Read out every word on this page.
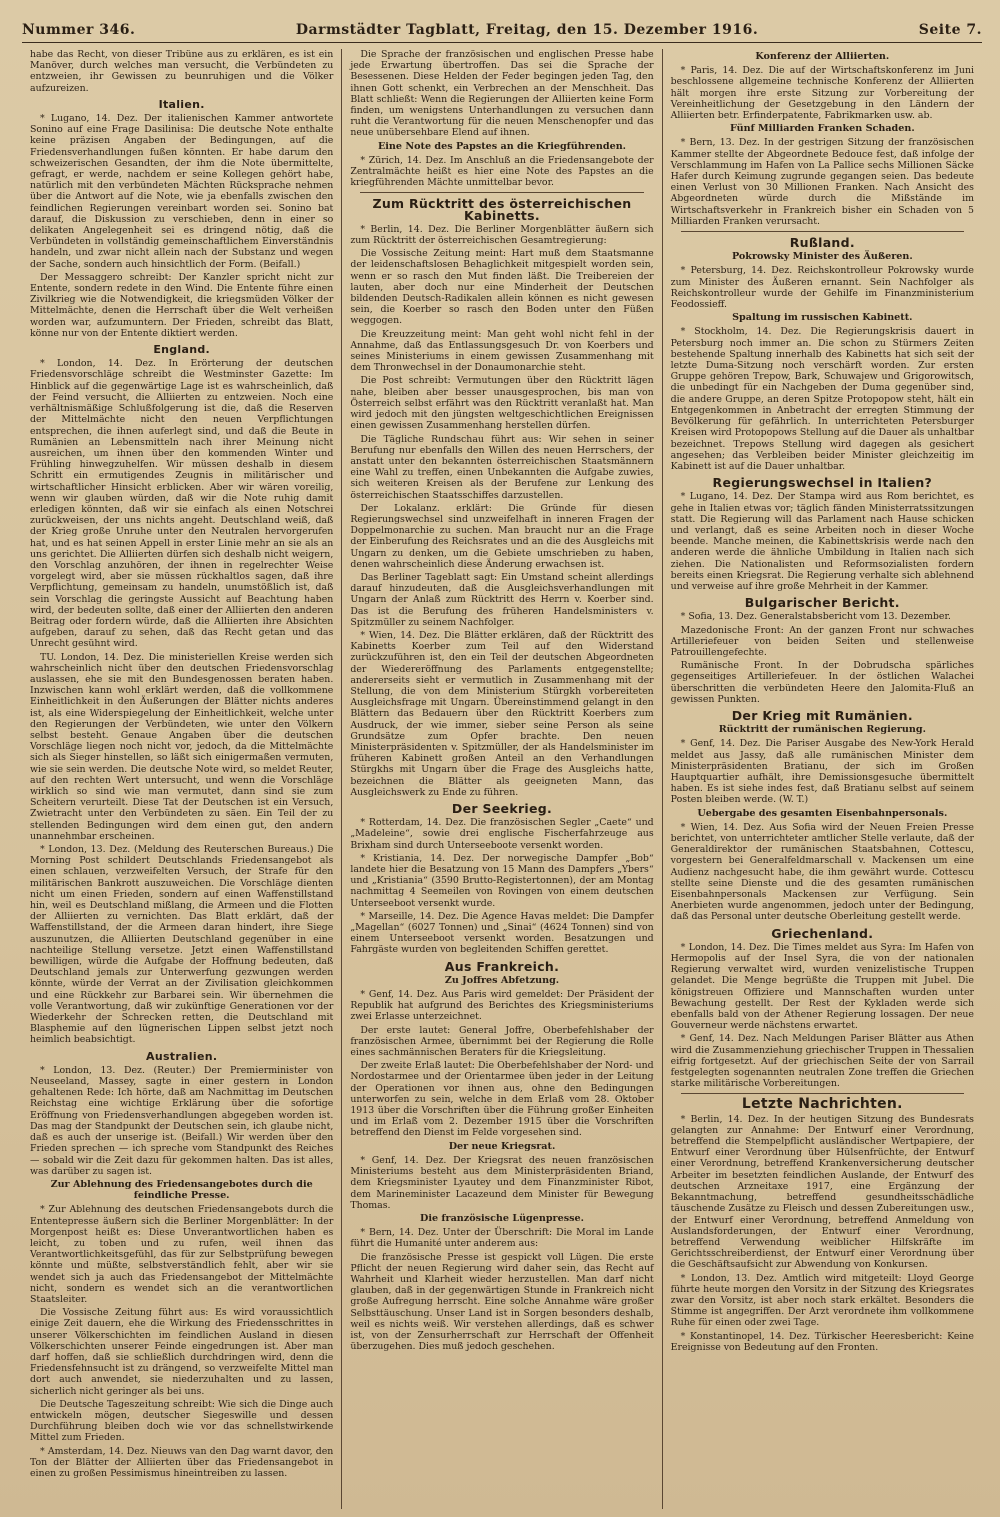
Nummer 346.	Darmstädter Tagblatt, Freitag, den 15. Dezember 1916.	Seite 7.

habe das Recht, von dieser Tribüne aus zu erklären, es ist ein Manöver, durch welches man versucht, die Verbündeten zu entzweien, ihr Gewissen zu beunruhigen und die Völker aufzureizen.

Italien.

* Lugano, 14. Dez. Der italienischen Kammer antwortete Sonino auf eine Frage Dasilinisa: Die deutsche Note enthalte keine präzisen Angaben der Bedingungen, auf die Friedensverhandlungen fußen könnten. Er habe darum den schweizerischen Gesandten, der ihm die Note übermittelte, gefragt, er werde, nachdem er seine Kollegen gehört habe, natürlich mit den verbündeten Mächten Rücksprache nehmen über die Antwort auf die Note, wie ja ebenfalls zwischen den feindlichen Regierungen vereinbart worden sei. Sonino bat darauf, die Diskussion zu verschieben, denn in einer so delikaten Angelegenheit sei es dringend nötig, daß die Verbündeten in vollständig gemeinschaftlichem Einverständnis handeln, und zwar nicht allein nach der Substanz und wegen der Sache, sondern auch hinsichtlich der Form. (Beifall.)

Der Messaggero schreibt: Der Kanzler spricht nicht zur Entente, sondern redete in den Wind. Die Entente führe einen Zivilkrieg wie die Notwendigkeit, die kriegsmüden Völker der Mittelmächte, denen die Herrschaft über die Welt verheißen worden war, aufzumuntern. Der Frieden, schreibt das Blatt, könne nur von der Entente diktiert werden.

England.

* London, 14. Dez. In Erörterung der deutschen Friedensvorschläge schreibt die Westminster Gazette: Im Hinblick auf die gegenwärtige Lage ist es wahrscheinlich, daß der Feind versucht, die Alliierten zu entzweien. Noch eine verhältnismäßige Schlußfolgerung ist die, daß die Reserven der Mittelmächte nicht den neuen Verpflichtungen entsprechen, die ihnen auferlegt sind, und daß die Beute in Rumänien an Lebensmitteln nach ihrer Meinung nicht ausreichen, um ihnen über den kommenden Winter und Frühling hinwegzuhelfen. Wir müssen deshalb in diesem Schritt ein ermutigendes Zeugnis in militärischer und wirtschaftlicher Hinsicht erblicken. Aber wir wären voreilig, wenn wir glauben würden, daß wir die Note ruhig damit erledigen könnten, daß wir sie einfach als einen Notschrei zurückweisen, der uns nichts angeht. Deutschland weiß, daß der Krieg große Unruhe unter den Neutralen hervorgerufen hat, und es hat seinen Appell in erster Linie mehr an sie als an uns gerichtet. Die Alliierten dürfen sich deshalb nicht weigern, den Vorschlag anzuhören, der ihnen in regelrechter Weise vorgelegt wird, aber sie müssen rückhaltlos sagen, daß ihre Verpflichtung, gemeinsam zu handeln, unumstößlich ist, daß sein Vorschlag die geringste Aussicht auf Beachtung haben wird, der bedeuten sollte, daß einer der Alliierten den anderen Beitrag oder fordern würde, daß die Alliierten ihre Absichten aufgeben, darauf zu sehen, daß das Recht getan und das Unrecht gesühnt wird.

TU. London, 14. Dez. Die ministeriellen Kreise werden sich wahrscheinlich nicht über den deutschen Friedensvorschlag auslassen, ehe sie mit den Bundesgenossen beraten haben. Inzwischen kann wohl erklärt werden, daß die vollkommene Einheitlichkeit in den Äußerungen der Blätter nichts anderes ist, als eine Widerspiegelung der Einheitlichkeit, welche unter den Regierungen der Verbündeten, wie unter den Völkern selbst besteht. Genaue Angaben über die deutschen Vorschläge liegen noch nicht vor, jedoch, da die Mittelmächte sich als Sieger hinstellen, so läßt sich einigermaßen vermuten, wie sie sein werden. Die deutsche Note wird, so meldet Reuter, auf den rechten Wert untersucht, und wenn die Vorschläge wirklich so sind wie man vermutet, dann sind sie zum Scheitern verurteilt. Diese Tat der Deutschen ist ein Versuch, Zwietracht unter den Verbündeten zu säen. Ein Teil der zu stellenden Bedingungen wird dem einen gut, den andern unannehmbar erscheinen.

* London, 13. Dez. (Meldung des Reuterschen Bureaus.) Die Morning Post schildert Deutschlands Friedensangebot als einen schlauen, verzweifelten Versuch, der Strafe für den militärischen Bankrott auszuweichen. Die Vorschläge dienten nicht um einen Frieden, sondern auf einen Waffenstillstand hin, weil es Deutschland mißlang, die Armeen und die Flotten der Alliierten zu vernichten. Das Blatt erklärt, daß der Waffenstillstand, der die Armeen daran hindert, ihre Siege auszunutzen, die Alliierten Deutschland gegenüber in eine nachteilige Stellung versetze. Jetzt einen Waffenstillstand bewilligen, würde die Aufgabe der Hoffnung bedeuten, daß Deutschland jemals zur Unterwerfung gezwungen werden könnte, würde der Verrat an der Zivilisation gleichkommen und eine Rückkehr zur Barbarei sein. Wir übernehmen die volle Verantwortung, daß wir zukünftige Generationen vor der Wiederkehr der Schrecken retten, die Deutschland mit Blasphemie auf den lügnerischen Lippen selbst jetzt noch heimlich beabsichtigt.

Australien.

* London, 13. Dez. (Reuter.) Der Premierminister von Neuseeland, Massey, sagte in einer gestern in London gehaltenen Rede: Ich hörte, daß am Nachmittag im Deutschen Reichstag eine wichtige Erklärung über die sofortige Eröffnung von Friedensverhandlungen abgegeben worden ist. Das mag der Standpunkt der Deutschen sein, ich glaube nicht, daß es auch der unserige ist. (Beifall.) Wir werden über den Frieden sprechen — ich spreche vom Standpunkt des Reiches — sobald wir die Zeit dazu für gekommen halten. Das ist alles, was darüber zu sagen ist.

Zur Ablehnung des Friedensangebotes durch die feindliche Presse.

* Zur Ablehnung des deutschen Friedensangebots durch die Ententepresse äußern sich die Berliner Morgenblätter: In der Morgenpost heißt es: Diese Unverantwortlichen haben es leicht, zu toben und zu rufen, weil ihnen das Verantwortlichkeitsgefühl, das für zur Selbstprüfung bewegen könnte und müßte, selbstverständlich fehlt, aber wir sie wendet sich ja auch das Friedensangebot der Mittelmächte nicht, sondern es wendet sich an die verantwortlichen Staatsleiter.

Die Vossische Zeitung führt aus: Es wird voraussichtlich einige Zeit dauern, ehe die Wirkung des Friedensschrittes in unserer Völkerschichten im feindlichen Ausland in diesen Völkerschichten unserer Feinde eingedrungen ist. Aber man darf hoffen, daß sie schließlich durchdringen wird, denn die Friedensfehnsucht ist zu drängend, so verzweifelte Mittel man dort auch anwendet, sie niederzuhalten und zu lassen, sicherlich nicht geringer als bei uns.

Die Deutsche Tageszeitung schreibt: Wie sich die Dinge auch entwickeln mögen, deutscher Siegeswille und dessen Durchführung bleiben doch wie vor das schnellstwirkende Mittel zum Frieden.

* Amsterdam, 14. Dez. Nieuws van den Dag warnt davor, den Ton der Blätter der Alliierten über das Friedensangebot in einen zu großen Pessimismus hineintreiben zu lassen.

Die Sprache der französischen und englischen Presse habe jede Erwartung übertroffen. Das sei die Sprache der Besessenen. Diese Helden der Feder begingen jeden Tag, den ihnen Gott schenkt, ein Verbrechen an der Menschheit. Das Blatt schließt: Wenn die Regierungen der Alliierten keine Form finden, um wenigstens Unterhandlungen zu versuchen dann ruht die Verantwortung für die neuen Menschenopfer und das neue unübersehbare Elend auf ihnen.

Eine Note des Papstes an die Kriegführenden.

* Zürich, 14. Dez. Im Anschluß an die Friedensangebote der Zentralmächte heißt es hier eine Note des Papstes an die kriegführenden Mächte unmittelbar bevor.

Zum Rücktritt des österreichischen Kabinetts.

* Berlin, 14. Dez. Die Berliner Morgenblätter äußern sich zum Rücktritt der österreichischen Gesamtregierung:

Die Vossische Zeitung meint: Hart muß dem Staatsmanne der leidenschaftslosen Behaglichkeit mitgespielt worden sein, wenn er so rasch den Mut finden läßt. Die Treibereien der lauten, aber doch nur eine Minderheit der Deutschen bildenden Deutsch-Radikalen allein können es nicht gewesen sein, die Koerber so rasch den Boden unter den Füßen weggogen.

Die Kreuzzeitung meint: Man geht wohl nicht fehl in der Annahme, daß das Entlassungsgesuch Dr. von Koerbers und seines Ministeriums in einem gewissen Zusammenhang mit dem Thronwechsel in der Donaumonarchie steht.

Die Post schreibt: Vermutungen über den Rücktritt lägen nahe, bleiben aber besser unausgesprochen, bis man von Österreich selbst erfährt was den Rücktritt veranlaßt hat. Man wird jedoch mit den jüngsten weltgeschichtlichen Ereignissen einen gewissen Zusammenhang herstellen dürfen.

Die Tägliche Rundschau führt aus: Wir sehen in seiner Berufung nur ebenfalls den Willen des neuen Herrschers, der anstatt unter den bekannten österreichischen Staatsmännern eine Wahl zu treffen, einen Unbekannten die Aufgabe zuwies, sich weiteren Kreisen als der Berufene zur Lenkung des österreichischen Staatsschiffes darzustellen.

Der Lokalanz. erklärt: Die Gründe für diesen Regierungswechsel sind unzweifelhaft in inneren Fragen der Doppelmonarchie zu suchen. Man braucht nur an die Frage der Einberufung des Reichsrates und an die des Ausgleichs mit Ungarn zu denken, um die Gebiete umschrieben zu haben, denen wahrscheinlich diese Änderung erwachsen ist.

Das Berliner Tageblatt sagt: Ein Umstand scheint allerdings darauf hinzudeuten, daß die Ausgleichsverhandlungen mit Ungarn der Anlaß zum Rücktritt des Herrn v. Koerber sind. Das ist die Berufung des früheren Handelsministers v. Spitzmüller zu seinem Nachfolger.

* Wien, 14. Dez. Die Blätter erklären, daß der Rücktritt des Kabinetts Koerber zum Teil auf den Widerstand zurückzuführen ist, den ein Teil der deutschen Abgeordneten der Wiedereröffnung des Parlaments entgegenstellte; andererseits sieht er vermutlich in Zusammenhang mit der Stellung, die von dem Ministerium Stürgkh vorbereiteten Ausgleichsfrage mit Ungarn. Übereinstimmend gelangt in den Blättern das Bedauern über den Rücktritt Koerbers zum Ausdruck, der wie immer, sieber seine Person als seine Grundsätze zum Opfer brachte. Den neuen Ministerpräsidenten v. Spitzmüller, der als Handelsminister im früheren Kabinett großen Anteil an den Verhandlungen Stürgkhs mit Ungarn über die Frage des Ausgleichs hatte, bezeichnen die Blätter als geeigneten Mann, das Ausgleichswerk zu Ende zu führen.

Der Seekrieg.

* Rotterdam, 14. Dez. Die französischen Segler „Caete“ und „Madeleine“, sowie drei englische Fischerfahrzeuge aus Brixham sind durch Unterseeboote versenkt worden.

* Kristiania, 14. Dez. Der norwegische Dampfer „Bob“ landete hier die Besatzung von 15 Mann des Dampfers „Ybers“ und „Kristiania“ (3590 Brutto-Registertonnen), der am Montag nachmittag 4 Seemeilen von Rovingen von einem deutschen Unterseeboot versenkt wurde.

* Marseille, 14. Dez. Die Agence Havas meldet: Die Dampfer „Magellan“ (6027 Tonnen) und „Sinai“ (4624 Tonnen) sind von einem Unterseeboot versenkt worden. Besatzungen und Fahrgäste wurden von begleitenden Schiffen gerettet.

Aus Frankreich.
Zu Joffres Abfetzung.

* Genf, 14. Dez. Aus Paris wird gemeldet: Der Präsident der Republik hat aufgrund des Berichtes des Kriegsministeriums zwei Erlasse unterzeichnet.

Der erste lautet: General Joffre, Oberbefehlshaber der französischen Armee, übernimmt bei der Regierung die Rolle eines sachmännischen Beraters für die Kriegsleitung.

Der zweite Erlaß lautet: Die Oberbefehlshaber der Nord- und Nordostarmee und der Orientarmee üben jeder in der Leitung der Operationen vor ihnen aus, ohne den Bedingungen unterworfen zu sein, welche in dem Erlaß vom 28. Oktober 1913 über die Vorschriften über die Führung großer Einheiten und im Erlaß vom 2. Dezember 1915 über die Vorschriften betreffend den Dienst im Felde vorgesehen sind.

Der neue Kriegsrat.

* Genf, 14. Dez. Der Kriegsrat des neuen französischen Ministeriums besteht aus dem Ministerpräsidenten Briand, dem Kriegsminister Lyautey und dem Finanzminister Ribot, dem Marineminister Lacazeund dem Minister für Bewegung Thomas.

Die französische Lügenpresse.

* Bern, 14. Dez. Unter der Überschrift: Die Moral im Lande führt die Humanité unter anderem aus:

Die französische Presse ist gespickt voll Lügen. Die erste Pflicht der neuen Regierung wird daher sein, das Recht auf Wahrheit und Klarheit wieder herzustellen. Man darf nicht glauben, daß in der gegenwärtigen Stunde in Frankreich nicht große Aufregung herrscht. Eine solche Annahme wäre großer Selbsttäuschung. Unser Land ist in Sorgen besonders deshalb, weil es nichts weiß. Wir verstehen allerdings, daß es schwer ist, von der Zensurherrschaft zur Herrschaft der Offenheit überzugehen. Dies muß jedoch geschehen.

Konferenz der Alliierten.

* Paris, 14. Dez. Die auf der Wirtschaftskonferenz im Juni beschlossene allgemeine technische Konferenz der Alliierten hält morgen ihre erste Sitzung zur Vorbereitung der Vereinheitlichung der Gesetzgebung in den Ländern der Alliierten betr. Erfinderpatente, Fabrikmarken usw. ab.

Fünf Milliarden Franken Schaden.

* Bern, 13. Dez. In der gestrigen Sitzung der französischen Kammer stellte der Abgeordnete Bedouce fest, daß infolge der Verschlammung im Hafen von La Pallice sechs Millionen Säcke Hafer durch Keimung zugrunde gegangen seien. Das bedeute einen Verlust von 30 Millionen Franken. Nach Ansicht des Abgeordneten würde durch die Mißstände im Wirtschaftsverkehr in Frankreich bisher ein Schaden von 5 Milliarden Franken verursacht.

Rußland.
Pokrowsky Minister des Äußeren.

* Petersburg, 14. Dez. Reichskontrolleur Pokrowsky wurde zum Minister des Äußeren ernannt. Sein Nachfolger als Reichskontrolleur wurde der Gehilfe im Finanzministerium Feodossieff.

Spaltung im russischen Kabinett.

* Stockholm, 14. Dez. Die Regierungskrisis dauert in Petersburg noch immer an. Die schon zu Stürmers Zeiten bestehende Spaltung innerhalb des Kabinetts hat sich seit der letzte Duma-Sitzung noch verschärft worden. Zur ersten Gruppe gehören Trepow, Bark, Schuwajew und Grigorowitsch, die unbedingt für ein Nachgeben der Duma gegenüber sind, die andere Gruppe, an deren Spitze Protopopow steht, hält ein Entgegenkommen in Anbetracht der erregten Stimmung der Bevölkerung für gefährlich. In unterrichteten Petersburger Kreisen wird Protopopows Stellung auf die Dauer als unhaltbar bezeichnet. Trepows Stellung wird dagegen als gesichert angesehen; das Verbleiben beider Minister gleichzeitig im Kabinett ist auf die Dauer unhaltbar.

Regierungswechsel in Italien?

* Lugano, 14. Dez. Der Stampa wird aus Rom berichtet, es gehe in Italien etwas vor; täglich fänden Ministerratssitzungen statt. Die Regierung will das Parlament nach Hause schicken und verlangt, daß es seine Arbeiten noch in dieser Woche beende. Manche meinen, die Kabinettskrisis werde nach den anderen werde die ähnliche Umbildung in Italien nach sich ziehen. Die Nationalisten und Reformsozialisten fordern bereits einen Kriegsrat. Die Regierung verhalte sich ablehnend und verweise auf ihre große Mehrheit in der Kammer.

Bulgarischer Bericht.

* Sofia, 13. Dez. Generalstabsbericht vom 13. Dezember.

Mazedonische Front: An der ganzen Front nur schwaches Artilleriefeuer von beiden Seiten und stellenweise Patrouillengefechte.

Rumänische Front. In der Dobrudscha spärliches gegenseitiges Artilleriefeuer. In der östlichen Walachei überschritten die verbündeten Heere den Jalomita-Fluß an gewissen Punkten.

Der Krieg mit Rumänien.
Rücktritt der rumänischen Regierung.

* Genf, 14. Dez. Die Pariser Ausgabe des New-York Herald meldet aus Jassy, daß alle rumänischen Minister dem Ministerpräsidenten Bratianu, der sich im Großen Hauptquartier aufhält, ihre Demissionsgesuche übermittelt haben. Es ist siehe indes fest, daß Bratianu selbst auf seinem Posten bleiben werde. (W. T.)

Uebergabe des gesamten Eisenbahnpersonals.

* Wien, 14. Dez. Aus Sofia wird der Neuen Freien Presse berichtet, von unterrichteter amtlicher Stelle verlaute, daß der Generaldirektor der rumänischen Staatsbahnen, Cottescu, vorgestern bei Generalfeldmarschall v. Mackensen um eine Audienz nachgesucht habe, die ihm gewährt wurde. Cottescu stellte seine Dienste und die des gesamten rumänischen Eisenbahnpersonals Mackensen zur Verfügung. Sein Anerbieten wurde angenommen, jedoch unter der Bedingung, daß das Personal unter deutsche Oberleitung gestellt werde.

Griechenland.

* London, 14. Dez. Die Times meldet aus Syra: Im Hafen von Hermopolis auf der Insel Syra, die von der nationalen Regierung verwaltet wird, wurden venizelistische Truppen gelandet. Die Menge begrüßte die Truppen mit Jubel. Die königstreuen Offiziere und Mannschaften wurden unter Bewachung gestellt. Der Rest der Kykladen werde sich ebenfalls bald von der Athener Regierung lossagen. Der neue Gouverneur werde nächstens erwartet.

* Genf, 14. Dez. Nach Meldungen Pariser Blätter aus Athen wird die Zusammenziehung griechischer Truppen in Thessalien eifrig fortgesetzt. Auf der griechischen Seite der von Sarrail festgelegten sogenannten neutralen Zone treffen die Griechen starke militärische Vorbereitungen.

Letzte Nachrichten.

* Berlin, 14. Dez. In der heutigen Sitzung des Bundesrats gelangten zur Annahme: Der Entwurf einer Verordnung, betreffend die Stempelpflicht ausländischer Wertpapiere, der Entwurf einer Verordnung über Hülsenfrüchte, der Entwurf einer Verordnung, betreffend Krankenversicherung deutscher Arbeiter im besetzten feindlichen Auslande, der Entwurf des deutschen Arzneitaxe 1917, eine Ergänzung der Bekanntmachung, betreffend gesundheitsschädliche täuschende Zusätze zu Fleisch und dessen Zubereitungen usw., der Entwurf einer Verordnung, betreffend Anmeldung von Auslandsforderungen, der Entwurf einer Verordnung, betreffend Verwendung weiblicher Hilfskräfte im Gerichtsschreiberdienst, der Entwurf einer Verordnung über die Geschäftsaufsicht zur Abwendung von Konkursen.

* London, 13. Dez. Amtlich wird mitgeteilt: Lloyd George führte heute morgen den Vorsitz in der Sitzung des Kriegsrates zwar den Vorsitz, ist aber noch stark erkältet. Besonders die Stimme ist angegriffen. Der Arzt verordnete ihm vollkommene Ruhe für einen oder zwei Tage.

* Konstantinopel, 14. Dez. Türkischer Heeresbericht: Keine Ereignisse von Bedeutung auf den Fronten.
